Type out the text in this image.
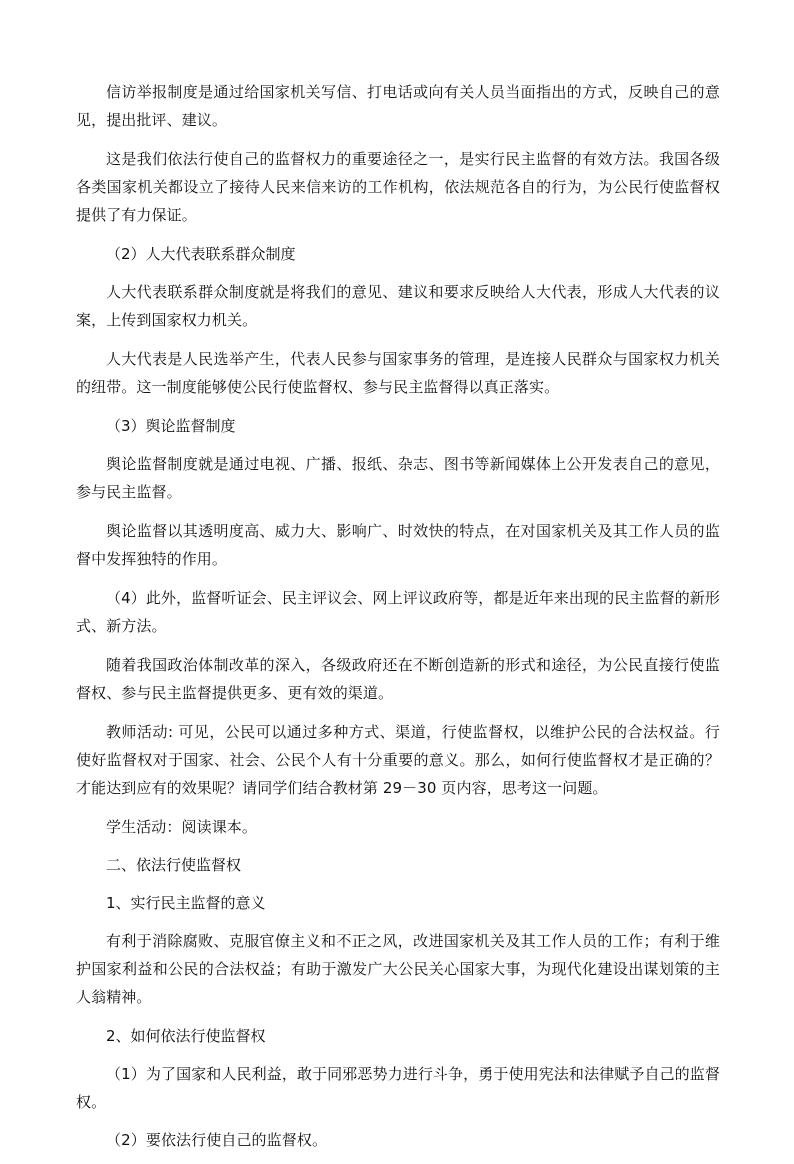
信访举报制度是通过给国家机关写信、打电话或向有关人员当面指出的方式，反映自己的意见，提出批评、建议。

这是我们依法行使自己的监督权力的重要途径之一，是实行民主监督的有效方法。我国各级各类国家机关都设立了接待人民来信来访的工作机构，依法规范各自的行为，为公民行使监督权提供了有力保证。

（2）人大代表联系群众制度

人大代表联系群众制度就是将我们的意见、建议和要求反映给人大代表，形成人大代表的议案，上传到国家权力机关。

人大代表是人民选举产生，代表人民参与国家事务的管理，是连接人民群众与国家权力机关的纽带。这一制度能够使公民行使监督权、参与民主监督得以真正落实。

（3）舆论监督制度

舆论监督制度就是通过电视、广播、报纸、杂志、图书等新闻媒体上公开发表自己的意见，参与民主监督。

舆论监督以其透明度高、威力大、影响广、时效快的特点，在对国家机关及其工作人员的监督中发挥独特的作用。

（4）此外，监督听证会、民主评议会、网上评议政府等，都是近年来出现的民主监督的新形式、新方法。

随着我国政治体制改革的深入，各级政府还在不断创造新的形式和途径，为公民直接行使监督权、参与民主监督提供更多、更有效的渠道。

教师活动: 可见，公民可以通过多种方式、渠道，行使监督权，以维护公民的合法权益。行使好监督权对于国家、社会、公民个人有十分重要的意义。那么，如何行使监督权才是正确的？才能达到应有的效果呢？请同学们结合教材第 29－30 页内容，思考这一问题。

学生活动：阅读课本。

二、依法行使监督权

1、实行民主监督的意义

有利于消除腐败、克服官僚主义和不正之风，改进国家机关及其工作人员的工作；有利于维护国家利益和公民的合法权益；有助于激发广大公民关心国家大事，为现代化建设出谋划策的主人翁精神。

2、如何依法行使监督权

（1）为了国家和人民利益，敢于同邪恶势力进行斗争，勇于使用宪法和法律赋予自己的监督权。

（2）要依法行使自己的监督权。
